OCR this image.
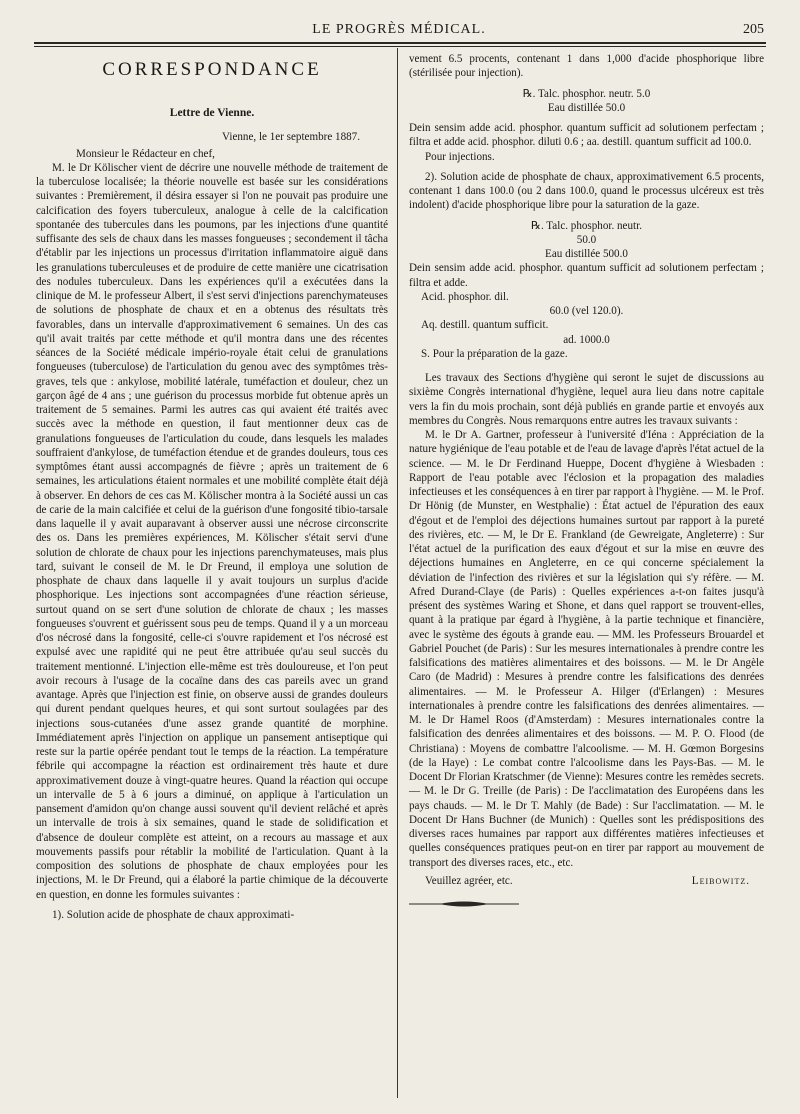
LE PROGRÈS MÉDICAL.	205
CORRESPONDANCE
Lettre de Vienne.
Vienne, le 1er septembre 1887.

Monsieur le Rédacteur en chef,

M. le Dr Kölischer vient de décrire une nouvelle méthode de traitement de la tuberculose localisée; la théorie nouvelle est basée sur les considérations suivantes : Premièrement, il désira essayer si l'on ne pouvait pas produire une calcification des foyers tuberculeux, analogue à celle de la calcification spontanée des tubercules dans les poumons, par les injections d'une quantité suffisante des sels de chaux dans les masses fongueuses ; secondement il tâcha d'établir par les injections un processus d'irritation inflammatoire aiguë dans les granulations tuberculeuses et de produire de cette manière une cicatrisation des nodules tuberculeux. Dans les expériences qu'il a exécutées dans la clinique de M. le professeur Albert, il s'est servi d'injections parenchymateuses de solutions de phosphate de chaux et en a obtenus des résultats très favorables, dans un intervalle d'approximativement 6 semaines. Un des cas qu'il avait traités par cette méthode et qu'il montra dans une des récentes séances de la Société médicale império-royale était celui de granulations fongueuses (tuberculose) de l'articulation du genou avec des symptômes très-graves, tels que : ankylose, mobilité latérale, tuméfaction et douleur, chez un garçon âgé de 4 ans ; une guérison du processus morbide fut obtenue après un traitement de 5 semaines. Parmi les autres cas qui avaient été traités avec succès avec la méthode en question, il faut mentionner deux cas de granulations fongueuses de l'articulation du coude, dans lesquels les malades souffraient d'ankylose, de tuméfaction étendue et de grandes douleurs, tous ces symptômes étant aussi accompagnés de fièvre ; après un traitement de 6 semaines, les articulations étaient normales et une mobilité complète était déjà à observer. En dehors de ces cas M. Kölischer montra à la Société aussi un cas de carie de la main calcifiée et celui de la guérison d'une fongosité tibio-tarsale dans laquelle il y avait auparavant à observer aussi une nécrose circonscrite des os. Dans les premières expériences, M. Kölischer s'était servi d'une solution de chlorate de chaux pour les injections parenchymateuses, mais plus tard, suivant le conseil de M. le Dr Freund, il employa une solution de phosphate de chaux dans laquelle il y avait toujours un surplus d'acide phosphorique. Les injections sont accompagnées d'une réaction sérieuse, surtout quand on se sert d'une solution de chlorate de chaux ; les masses fongueuses s'ouvrent et guérissent sous peu de temps. Quand il y a un morceau d'os nécrosé dans la fongosité, celle-ci s'ouvre rapidement et l'os nécrosé est expulsé avec une rapidité qui ne peut être attribuée qu'au seul succès du traitement mentionné. L'injection elle-même est très douloureuse, et l'on peut avoir recours à l'usage de la cocaïne dans des cas pareils avec un grand avantage. Après que l'injection est finie, on observe aussi de grandes douleurs qui durent pendant quelques heures, et qui sont surtout soulagées par des injections sous-cutanées d'une assez grande quantité de morphine. Immédiatement après l'injection on applique un pansement antiseptique qui reste sur la partie opérée pendant tout le temps de la réaction. La température fébrile qui accompagne la réaction est ordinairement très haute et dure approximativement douze à vingt-quatre heures. Quand la réaction qui occupe un intervalle de 5 à 6 jours a diminué, on applique à l'articulation un pansement d'amidon qu'on change aussi souvent qu'il devient relâché et après un intervalle de trois à six semaines, quand le stade de solidification et d'absence de douleur complète est atteint, on a recours au massage et aux mouvements passifs pour rétablir la mobilité de l'articulation. Quant à la composition des solutions de phosphate de chaux employées pour les injections, M. le Dr Freund, qui a élaboré la partie chimique de la découverte en question, en donne les formules suivantes :

1). Solution acide de phosphate de chaux approximati-

vement 6.5 procents, contenant 1 dans 1,000 d'acide phosphorique libre (stérilisée pour injection).

℞. Talc. phosphor. neutr. 5.0

Eau distillée 50.0

Dein sensim adde acid. phosphor. quantum sufficit ad solutionem perfectam ; filtra et adde acid. phosphor. diluti 0.6 ; aa. destill. quantum sufficit ad 100.0.

Pour injections.

2). Solution acide de phosphate de chaux, approximativement 6.5 procents, contenant 1 dans 100.0 (ou 2 dans 100.0, quand le processus ulcéreux est très indolent) d'acide phosphorique libre pour la saturation de la gaze.

℞. Talc. phosphor. neutr.

50.0

Eau distillée 500.0

Dein sensim adde acid. phosphor. quantum sufficit ad solutionem perfectam ; filtra et adde.

Acid. phosphor. dil.

60.0 (vel 120.0).

Aq. destill. quantum sufficit.

ad. 1000.0

S. Pour la préparation de la gaze.

Les travaux des Sections d'hygiène qui seront le sujet de discussions au sixième Congrès international d'hygiène, lequel aura lieu dans notre capitale vers la fin du mois prochain, sont déjà publiés en grande partie et envoyés aux membres du Congrès. Nous remarquons entre autres les travaux suivants :

M. le Dr A. Gartner, professeur à l'université d'Iéna : Appréciation de la nature hygiénique de l'eau potable et de l'eau de lavage d'après l'état actuel de la science. — M. le Dr Ferdinand Hueppe, Docent d'hygiène à Wiesbaden : Rapport de l'eau potable avec l'éclosion et la propagation des maladies infectieuses et les conséquences à en tirer par rapport à l'hygiène. — M. le Prof. Dr Hönig (de Munster, en Westphalie) : État actuel de l'épuration des eaux d'égout et de l'emploi des déjections humaines surtout par rapport à la pureté des rivières, etc. — M, le Dr E. Frankland (de Gewreigate, Angleterre) : Sur l'état actuel de la purification des eaux d'égout et sur la mise en œuvre des déjections humaines en Angleterre, en ce qui concerne spécialement la déviation de l'infection des rivières et sur la législation qui s'y réfère. — M. Afred Durand-Claye (de Paris) : Quelles expériences a-t-on faites jusqu'à présent des systèmes Waring et Shone, et dans quel rapport se trouvent-elles, quant à la pratique par égard à l'hygiène, à la partie technique et financière, avec le système des égouts à grande eau. — MM. les Professeurs Brouardel et Gabriel Pouchet (de Paris) : Sur les mesures internationales à prendre contre les falsifications des matières alimentaires et des boissons. — M. le Dr Angèle Caro (de Madrid) : Mesures à prendre contre les falsifications des denrées alimentaires. — M. le Professeur A. Hilger (d'Erlangen) : Mesures internationales à prendre contre les falsifications des denrées alimentaires. — M. le Dr Hamel Roos (d'Amsterdam) : Mesures internationales contre la falsification des denrées alimentaires et des boissons. — M. P. O. Flood (de Christiana) : Moyens de combattre l'alcoolisme. — M. H. Gœmon Borgesins (de la Haye) : Le combat contre l'alcoolisme dans les Pays-Bas. — M. le Docent Dr Florian Kratschmer (de Vienne): Mesures contre les remèdes secrets. — M. le Dr G. Treille (de Paris) : De l'acclimatation des Européens dans les pays chauds. — M. le Dr T. Mahly (de Bade) : Sur l'acclimatation. — M. le Docent Dr Hans Buchner (de Munich) : Quelles sont les prédispositions des diverses races humaines par rapport aux différentes matières infectieuses et quelles conséquences pratiques peut-on en tirer par rapport au mouvement de transport des diverses races, etc., etc.

Veuillez agréer, etc.	Leibowitz.
